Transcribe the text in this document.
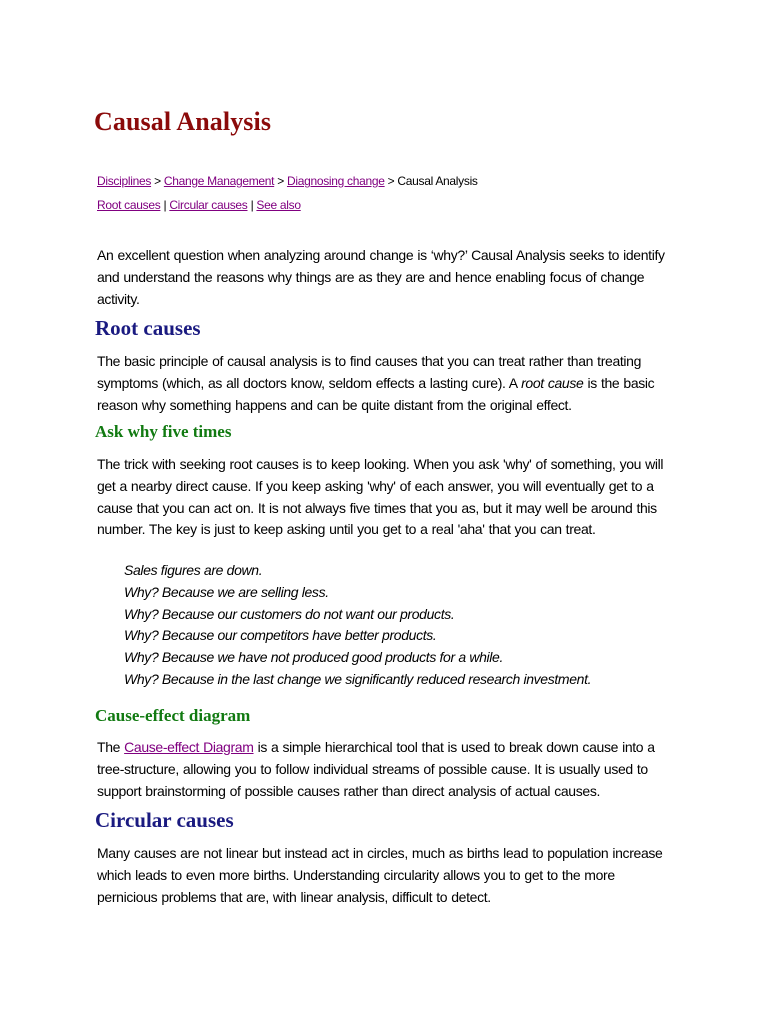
Causal Analysis
Disciplines > Change Management > Diagnosing change > Causal Analysis
Root causes | Circular causes | See also

An excellent question when analyzing around change is ‘why?’ Causal Analysis seeks to identify and understand the reasons why things are as they are and hence enabling focus of change activity.

Root causes

The basic principle of causal analysis is to find causes that you can treat rather than treating symptoms (which, as all doctors know, seldom effects a lasting cure). A root cause is the basic reason why something happens and can be quite distant from the original effect.

Ask why five times

The trick with seeking root causes is to keep looking. When you ask 'why' of something, you will get a nearby direct cause. If you keep asking 'why' of each answer, you will eventually get to a cause that you can act on. It is not always five times that you as, but it may well be around this number. The key is just to keep asking until you get to a real 'aha' that you can treat.

Sales figures are down.
Why? Because we are selling less.
Why? Because our customers do not want our products.
Why? Because our competitors have better products.
Why? Because we have not produced good products for a while.
Why? Because in the last change we significantly reduced research investment.
Cause-effect diagram

The Cause-effect Diagram is a simple hierarchical tool that is used to break down cause into a tree-structure, allowing you to follow individual streams of possible cause. It is usually used to support brainstorming of possible causes rather than direct analysis of actual causes.

Circular causes

Many causes are not linear but instead act in circles, much as births lead to population increase which leads to even more births. Understanding circularity allows you to get to the more pernicious problems that are, with linear analysis, difficult to detect.
